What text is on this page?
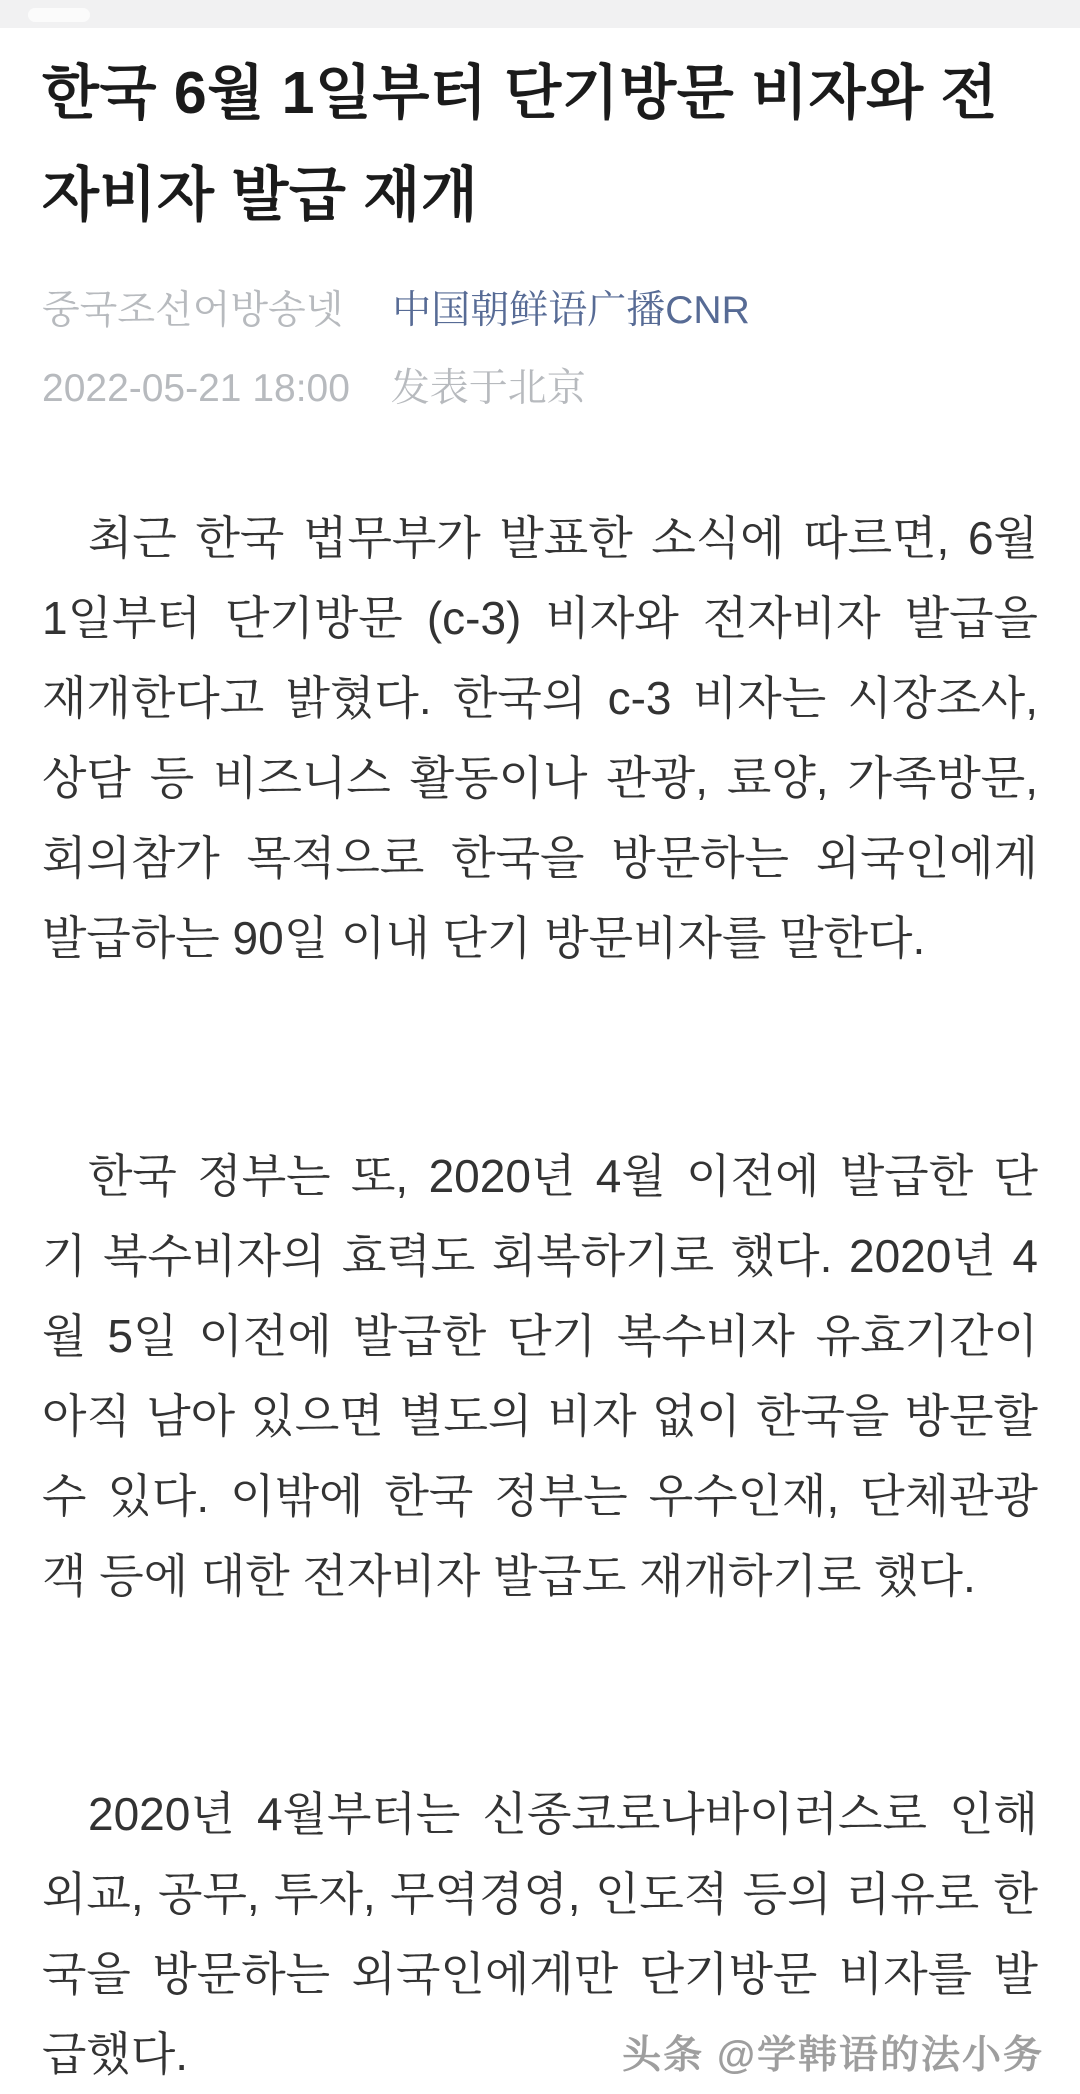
한국 6월 1일부터 단기방문 비자와 전
자비자 발급 재개
중국조선어방송넷 中国朝鲜语广播CNR
2022-05-21 18:00 发表于北京
최근 한국 법무부가 발표한 소식에 따르면, 6월
1일부터 단기방문 (c-3) 비자와 전자비자 발급을
재개한다고 밝혔다. 한국의 c-3 비자는 시장조사,
상담 등 비즈니스 활동이나 관광, 료양, 가족방문,
회의참가 목적으로 한국을 방문하는 외국인에게
발급하는 90일 이내 단기 방문비자를 말한다.
한국 정부는 또, 2020년 4월 이전에 발급한 단
기 복수비자의 효력도 회복하기로 했다. 2020년 4
월 5일 이전에 발급한 단기 복수비자 유효기간이
아직 남아 있으면 별도의 비자 없이 한국을 방문할
수 있다. 이밖에 한국 정부는 우수인재, 단체관광
객 등에 대한 전자비자 발급도 재개하기로 했다.
2020년 4월부터는 신종코로나바이러스로 인해
외교, 공무, 투자, 무역경영, 인도적 등의 리유로 한
국을 방문하는 외국인에게만 단기방문 비자를 발
급했다.	头条 @学韩语的法小务
